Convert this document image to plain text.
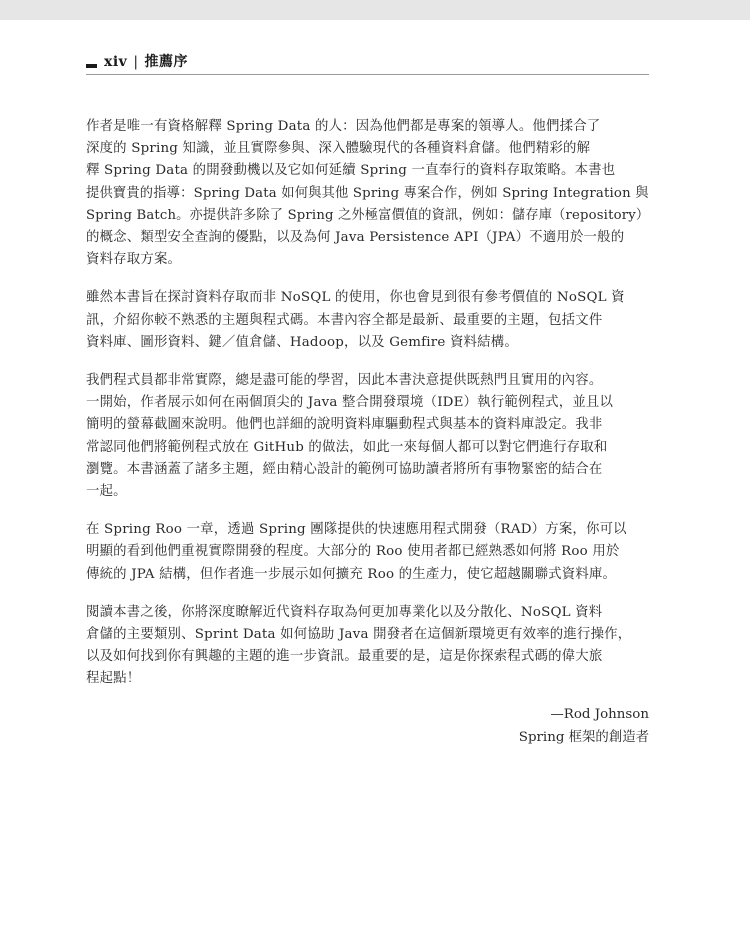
xiv | 推薦序

作者是唯一有資格解釋 Spring Data 的人：因為他們都是專案的領導人。他們揉合了
深度的 Spring 知識，並且實際參與、深入體驗現代的各種資料倉儲。他們精彩的解
釋 Spring Data 的開發動機以及它如何延續 Spring 一直奉行的資料存取策略。本書也
提供寶貴的指導：Spring Data 如何與其他 Spring 專案合作，例如 Spring Integration 與
Spring Batch。亦提供許多除了 Spring 之外極富價值的資訊，例如：儲存庫（repository）
的概念、類型安全查詢的優點，以及為何 Java Persistence API（JPA）不適用於一般的
資料存取方案。

雖然本書旨在探討資料存取而非 NoSQL 的使用，你也會見到很有參考價值的 NoSQL 資
訊，介紹你較不熟悉的主題與程式碼。本書內容全都是最新、最重要的主題，包括文件
資料庫、圖形資料、鍵／值倉儲、Hadoop，以及 Gemfire 資料結構。

我們程式員都非常實際，總是盡可能的學習，因此本書決意提供既熱門且實用的內容。
一開始，作者展示如何在兩個頂尖的 Java 整合開發環境（IDE）執行範例程式，並且以
簡明的螢幕截圖來說明。他們也詳細的說明資料庫驅動程式與基本的資料庫設定。我非
常認同他們將範例程式放在 GitHub 的做法，如此一來每個人都可以對它們進行存取和
瀏覽。本書涵蓋了諸多主題，經由精心設計的範例可協助讀者將所有事物緊密的結合在
一起。

在 Spring Roo 一章，透過 Spring 團隊提供的快速應用程式開發（RAD）方案，你可以
明顯的看到他們重視實際開發的程度。大部分的 Roo 使用者都已經熟悉如何將 Roo 用於
傳統的 JPA 結構，但作者進一步展示如何擴充 Roo 的生產力，使它超越關聯式資料庫。

閱讀本書之後，你將深度瞭解近代資料存取為何更加專業化以及分散化、NoSQL 資料
倉儲的主要類別、Sprint Data 如何協助 Java 開發者在這個新環境更有效率的進行操作，
以及如何找到你有興趣的主題的進一步資訊。最重要的是，這是你探索程式碼的偉大旅
程起點！

—Rod Johnson
Spring 框架的創造者
